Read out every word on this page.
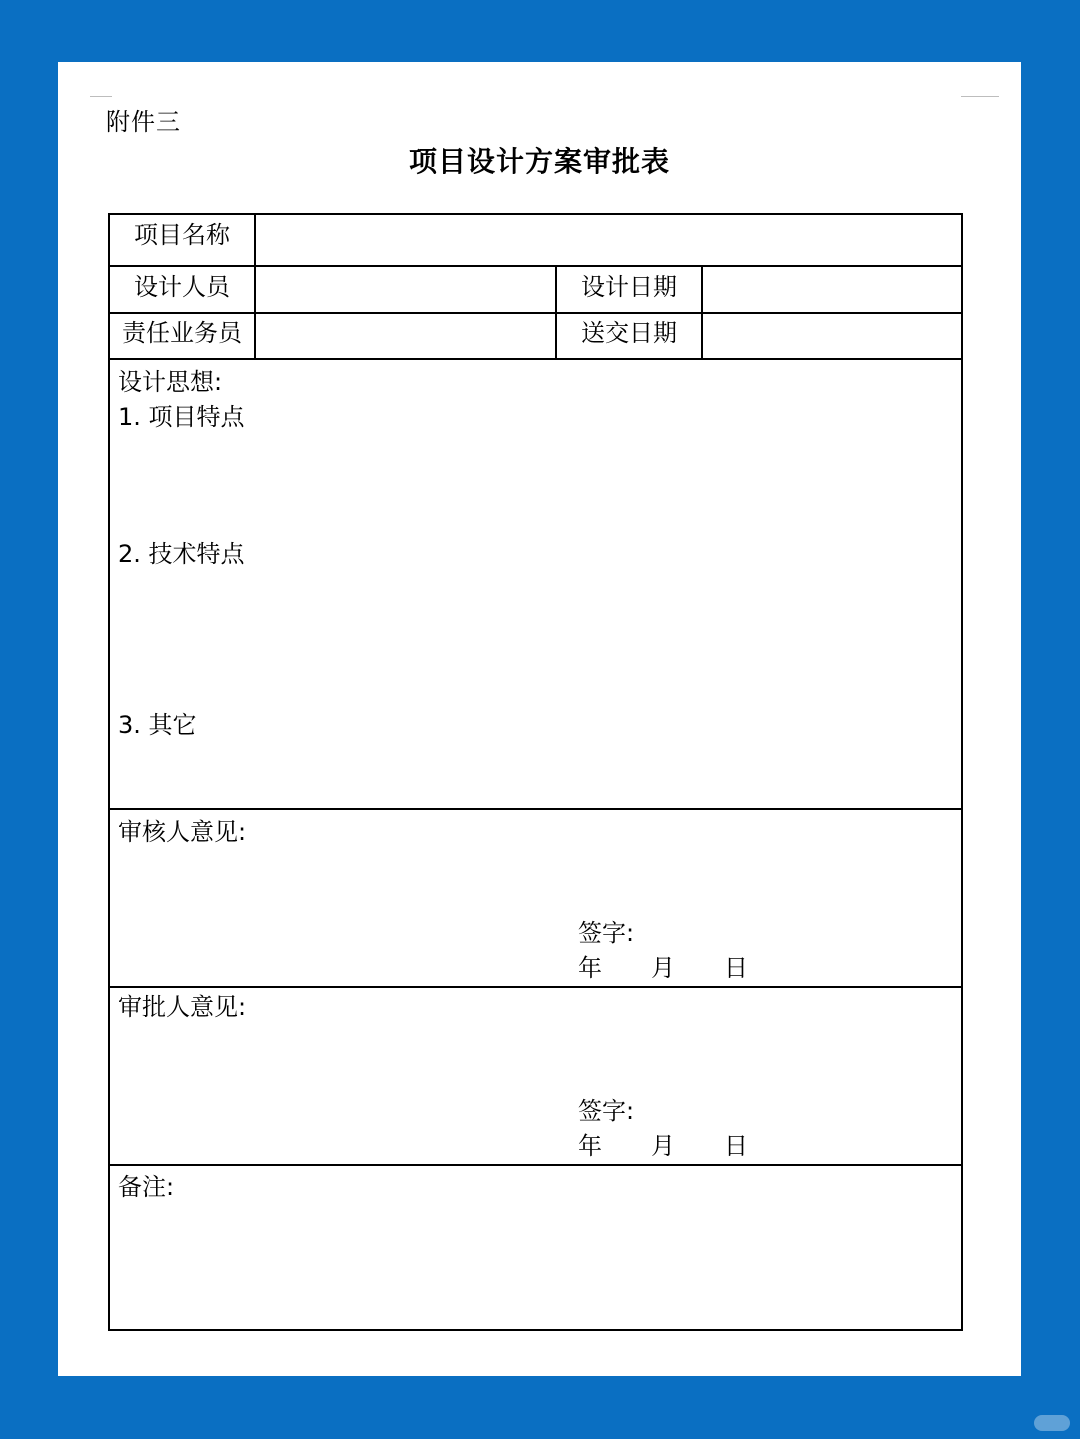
附件三
项目设计方案审批表
项目名称
设计人员	设计日期
责任业务员	送交日期
设计思想:
1. 项目特点
2. 技术特点
3. 其它
审核人意见:
签字:
年 月 日
审批人意见:
签字:
年 月 日
备注:
